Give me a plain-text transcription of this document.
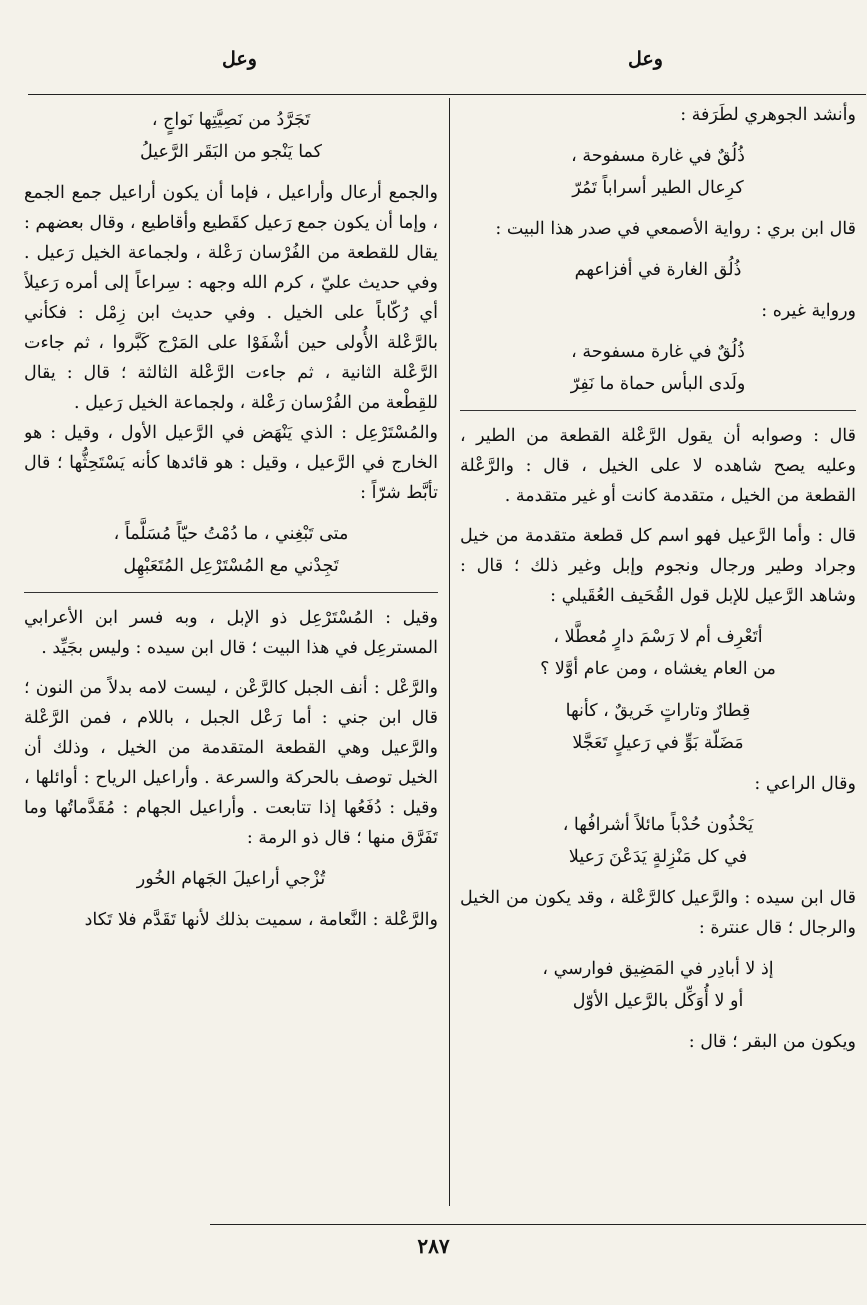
وعل
وعل

وأنشد الجوهري لطَرَفة :

ذُلُقٌ في غارة مسفوحة ،
كرِعال الطير أسراباً تَمُرّ

قال ابن بري : رواية الأصمعي في صدر هذا البيت :

ذُلُق الغارة في أفزاعهم

ورواية غيره :

ذُلُقٌ في غارة مسفوحة ،
ولَدى البأس حماة ما نَفِرّ

قال : وصوابه أن يقول الرَّعْلة القطعة من الطير ، وعليه يصح شاهده لا على الخيل ، قال : والرَّعْلة القطعة من الخيل ، متقدمة كانت أو غير متقدمة .

قال : وأما الرَّعيل فهو اسم كل قطعة متقدمة من خيل وجراد وطير ورجال ونجوم وإبل وغير ذلك ؛ قال : وشاهد الرَّعيل للإبل قول القُحَيف العُقَيلي :

أتَعْرِف أم لا رَسْمَ دارٍ مُعطَّلا ،
من العام يغشاه ، ومن عام أوَّلا ؟
قِطارٌ وتاراتٍ خَريقٌ ، كأنها
مَضَلّة بَوٍّ في رَعيلٍ تَعَجَّلا

وقال الراعي :

يَحْذُون حُدْباً مائلاً أشرافُها ،
في كل مَنْزِلةٍ يَدَعْنَ رَعيلا

قال ابن سيده : والرَّعيل كالرَّعْلة ، وقد يكون من الخيل والرجال ؛ قال عنترة :

إذ لا أبادِر في المَضِيق فوارسي ،
أو لا أُوَكِّل بالرَّعيل الأوّل

ويكون من البقر ؛ قال :

تَجَرَّدُ من نَصِيَّتِها نَواجٍ ،
كما يَنْجو من البَقَر الرَّعيلُ

والجمع أرعال وأراعيل ، فإما أن يكون أراعيل جمع الجمع ، وإما أن يكون جمع رَعيل كقَطيع وأقاطيع ، وقال بعضهم : يقال للقطعة من الفُرْسان رَعْلة ، ولجماعة الخيل رَعيل . وفي حديث عليّ ، كرم الله وجهه : سِراعاً إلى أمره رَعيلاً أي رُكّاباً على الخيل . وفي حديث ابن زِمْل : فكأني بالرَّعْلة الأُولى حين أشْفَوْا على المَرْج كَبَّروا ، ثم جاءت الرَّعْلة الثانية ، ثم جاءت الرَّعْلة الثالثة ؛ قال : يقال للقِطْعة من الفُرْسان رَعْلة ، ولجماعة الخيل رَعيل .

والمُسْتَرْعِل : الذي يَنْهَض في الرَّعيل الأول ، وقيل : هو الخارج في الرَّعيل ، وقيل : هو قائدها كأنه يَسْتَحِثُّها ؛ قال تأبَّط شرّاً :

متى تَبْغِني ، ما دُمْتُ حيّاً مُسَلَّماً ،
تَجِدْني مع المُسْتَرْعِل المُتَعَبْهِل

وقيل : المُسْتَرْعِل ذو الإبل ، وبه فسر ابن الأعرابي المسترعِل في هذا البيت ؛ قال ابن سيده : وليس بجَيِّد .

والرَّعْل : أنف الجبل كالرَّعْن ، ليست لامه بدلاً من النون ؛ قال ابن جني : أما رَعْل الجبل ، باللام ، فمن الرَّعْلة والرَّعيل وهي القطعة المتقدمة من الخيل ، وذلك أن الخيل توصف بالحركة والسرعة . وأراعيل الرياح : أوائلها ، وقيل : دُفَعُها إذا تتابعت . وأراعيل الجهام : مُقَدَّماتُها وما تَفَرَّق منها ؛ قال ذو الرمة :

تُزْجي أراعيلَ الجَهام الخُور

والرَّعْلة : النَّعامة ، سميت بذلك لأنها تَقَدَّم فلا تَكاد

٢٨٧
